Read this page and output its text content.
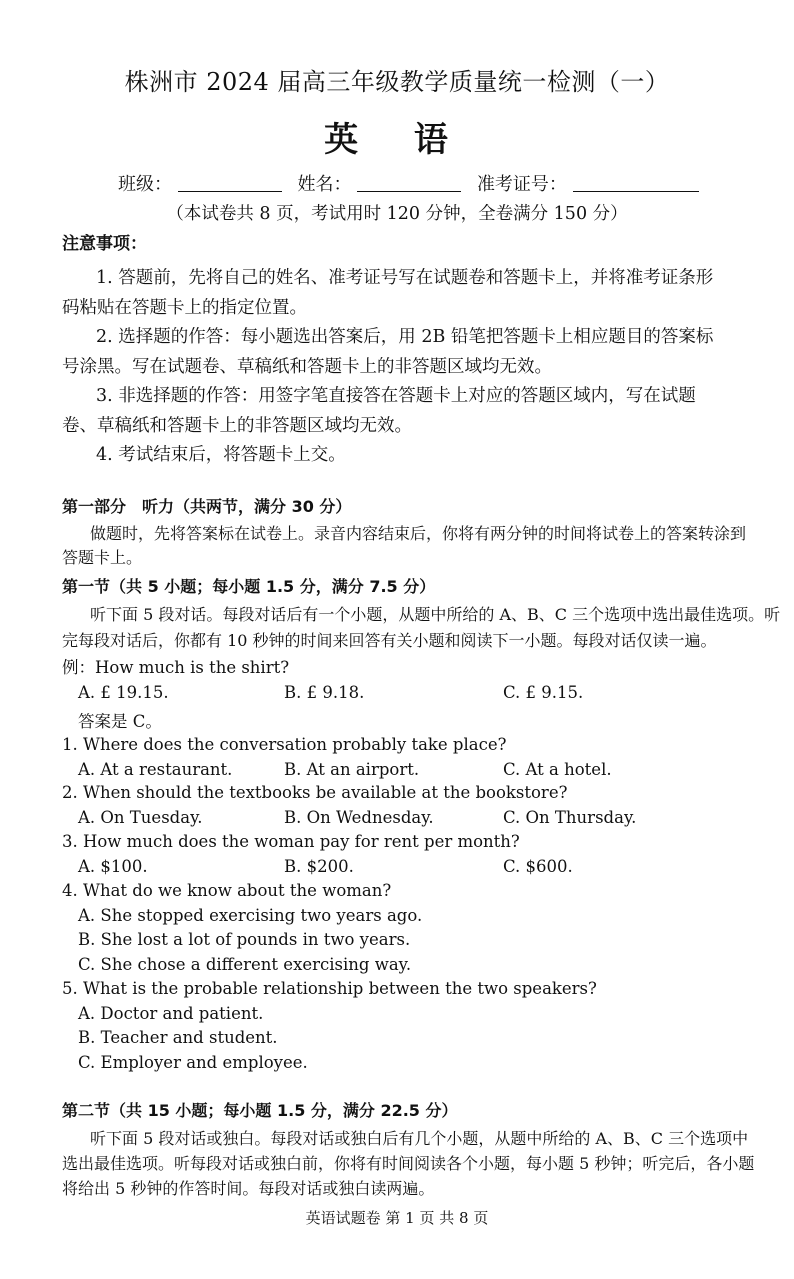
株洲市 2024 届高三年级教学质量统一检测（一）
英 语
班级：	姓名：	准考证号：
（本试卷共 8 页，考试用时 120 分钟，全卷满分 150 分）
注意事项：
1. 答题前，先将自己的姓名、准考证号写在试题卷和答题卡上，并将准考证条形
码粘贴在答题卡上的指定位置。
2. 选择题的作答：每小题选出答案后，用 2B 铅笔把答题卡上相应题目的答案标
号涂黑。写在试题卷、草稿纸和答题卡上的非答题区域均无效。
3. 非选择题的作答：用签字笔直接答在答题卡上对应的答题区域内，写在试题
卷、草稿纸和答题卡上的非答题区域均无效。
4. 考试结束后，将答题卡上交。
第一部分　听力（共两节，满分 30 分）
做题时，先将答案标在试卷上。录音内容结束后，你将有两分钟的时间将试卷上的答案转涂到
答题卡上。
第一节（共 5 小题；每小题 1.5 分，满分 7.5 分）
听下面 5 段对话。每段对话后有一个小题，从题中所给的 A、B、C 三个选项中选出最佳选项。听
完每段对话后，你都有 10 秒钟的时间来回答有关小题和阅读下一小题。每段对话仅读一遍。
例：How much is the shirt?
A. £ 19.15.	B. £ 9.18.	C. £ 9.15.
答案是 C。
1. Where does the conversation probably take place?
A. At a restaurant.	B. At an airport.	C. At a hotel.
2. When should the textbooks be available at the bookstore?
A. On Tuesday.	B. On Wednesday.	C. On Thursday.
3. How much does the woman pay for rent per month?
A. $100.	B. $200.	C. $600.
4. What do we know about the woman?
A. She stopped exercising two years ago.
B. She lost a lot of pounds in two years.
C. She chose a different exercising way.
5. What is the probable relationship between the two speakers?
A. Doctor and patient.
B. Teacher and student.
C. Employer and employee.
第二节（共 15 小题；每小题 1.5 分，满分 22.5 分）
听下面 5 段对话或独白。每段对话或独白后有几个小题，从题中所给的 A、B、C 三个选项中
选出最佳选项。听每段对话或独白前，你将有时间阅读各个小题，每小题 5 秒钟；听完后，各小题
将给出 5 秒钟的作答时间。每段对话或独白读两遍。
英语试题卷 第 1 页 共 8 页
